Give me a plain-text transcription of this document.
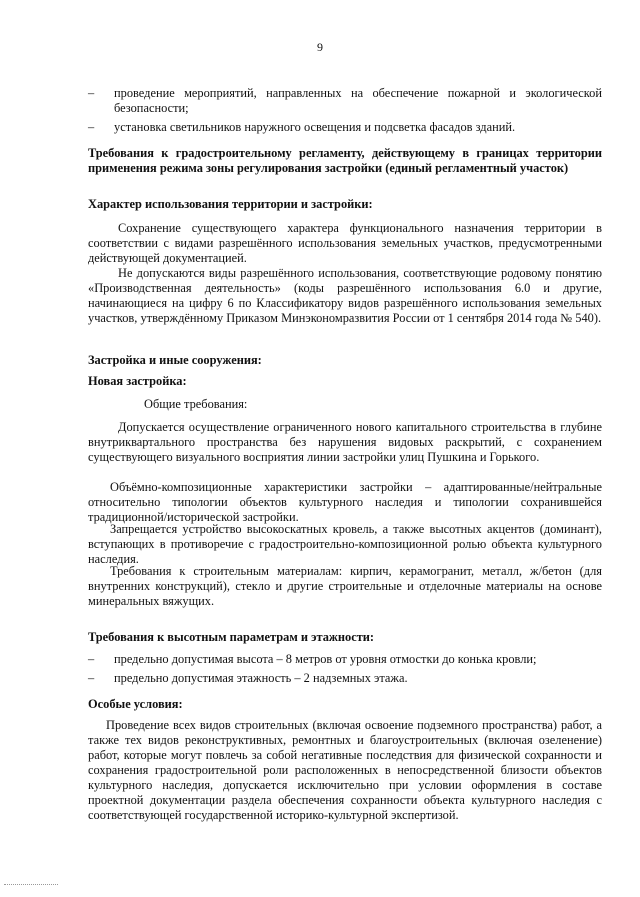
9
– проведение мероприятий, направленных на обеспечение пожарной и экологической безопасности;
– установка светильников наружного освещения и подсветка фасадов зданий.
Требования к градостроительному регламенту, действующему в границах территории применения режима зоны регулирования застройки (единый регламентный участок)
Характер использования территории и застройки:
Сохранение существующего характера функционального назначения территории в соответствии с видами разрешённого использования земельных участков, предусмотренными действующей документацией.
Не допускаются виды разрешённого использования, соответствующие родовому понятию «Производственная деятельность» (коды разрешённого использования 6.0 и другие, начинающиеся на цифру 6 по Классификатору видов разрешённого использования земельных участков, утверждённому Приказом Минэкономразвития России от 1 сентября 2014 года № 540).
Застройка и иные сооружения:
Новая застройка:
Общие требования:
Допускается осуществление ограниченного нового капитального строительства в глубине внутриквартального пространства без нарушения видовых раскрытий, с сохранением существующего визуального восприятия линии застройки улиц Пушкина и Горького.
Объёмно-композиционные характеристики застройки – адаптированные/нейтральные относительно типологии объектов культурного наследия и типологии сохранившейся традиционной/исторической застройки.
Запрещается устройство высокоскатных кровель, а также высотных акцентов (доминант), вступающих в противоречие с градостроительно-композиционной ролью объекта культурного наследия.
Требования к строительным материалам: кирпич, керамогранит, металл, ж/бетон (для внутренних конструкций), стекло и другие строительные и отделочные материалы на основе минеральных вяжущих.
Требования к высотным параметрам и этажности:
– предельно допустимая высота – 8 метров от уровня отмостки до конька кровли;
– предельно допустимая этажность – 2 надземных этажа.
Особые условия:
Проведение всех видов строительных (включая освоение подземного пространства) работ, а также тех видов реконструктивных, ремонтных и благоустроительных (включая озеленение) работ, которые могут повлечь за собой негативные последствия для физической сохранности и сохранения градостроительной роли расположенных в непосредственной близости объектов культурного наследия, допускается исключительно при условии оформления в составе проектной документации раздела обеспечения сохранности объекта культурного наследия с соответствующей государственной историко-культурной экспертизой.
